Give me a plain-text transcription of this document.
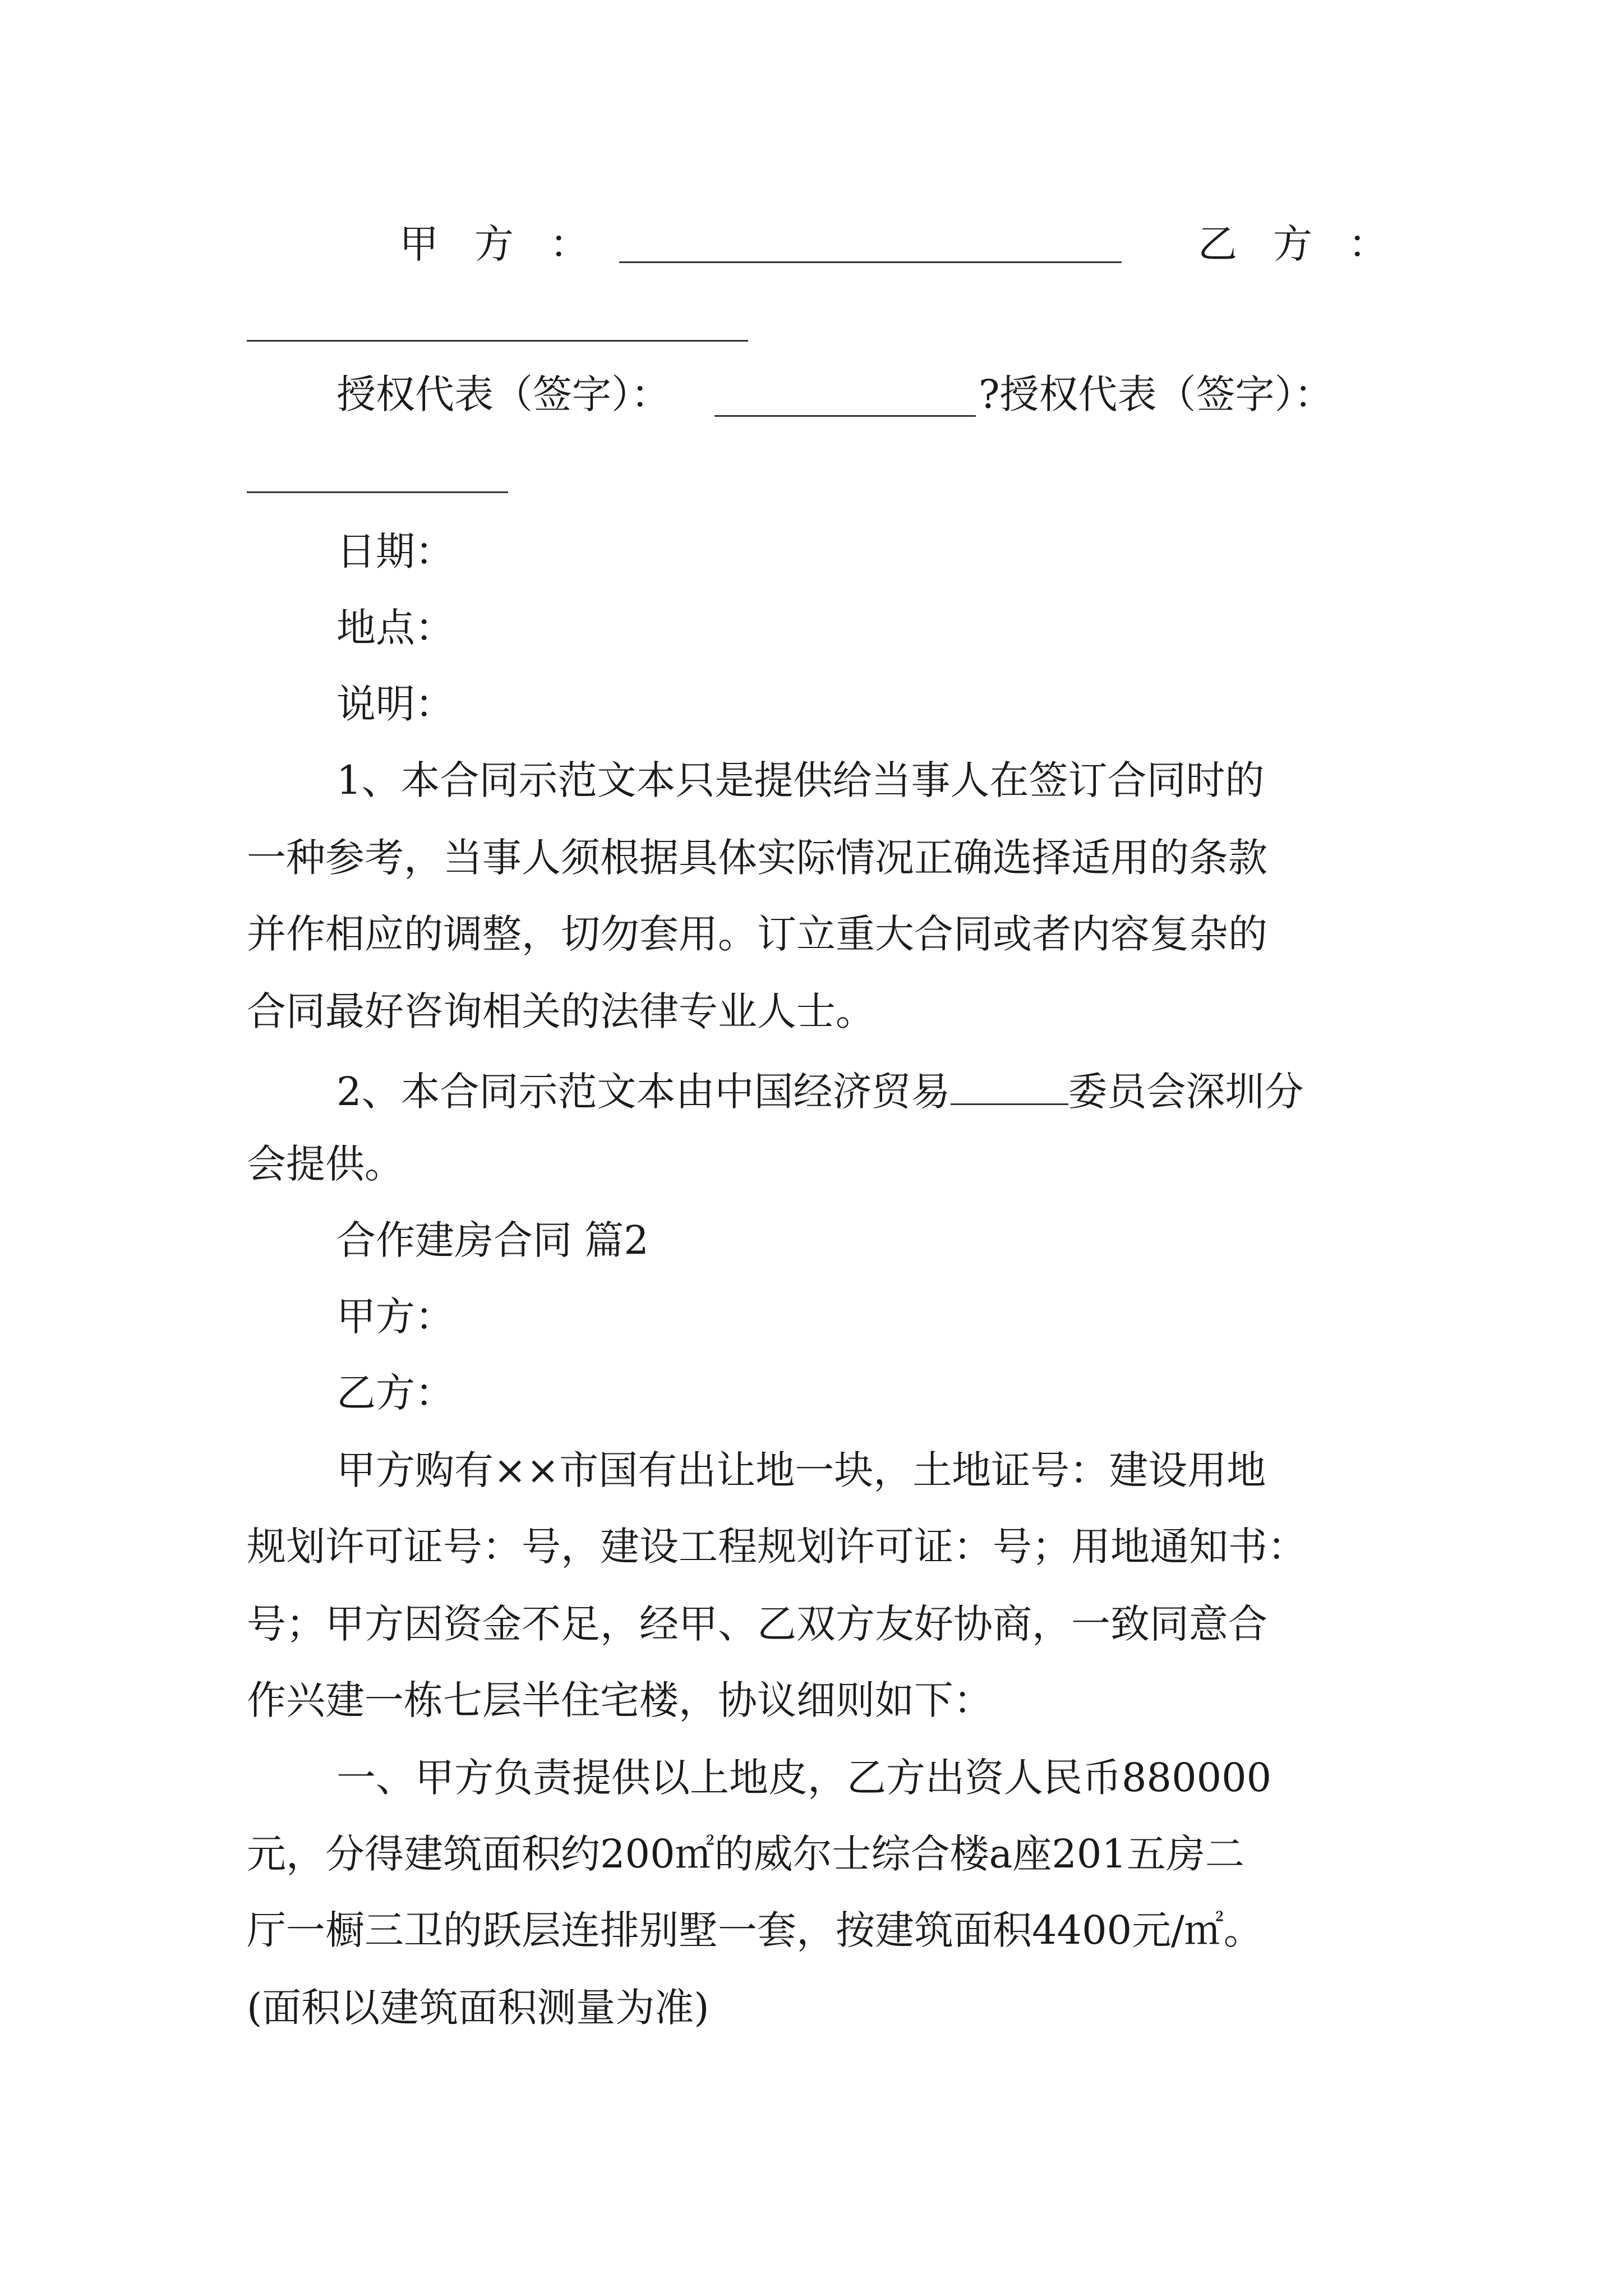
甲方：	乙方：
授权代表（签字）：	?授权代表（签字）：
日期：
地点：
说明：
1、本合同示范文本只是提供给当事人在签订合同时的
一种参考，当事人须根据具体实际情况正确选择适用的条款
并作相应的调整，切勿套用。订立重大合同或者内容复杂的
合同最好咨询相关的法律专业人士。
2、本合同示范文本由中国经济贸易	委员会深圳分
会提供。
合作建房合同 篇2
甲方：
乙方：
甲方购有××市国有出让地一块，土地证号：建设用地
规划许可证号：号，建设工程规划许可证：号；用地通知书：
号；甲方因资金不足，经甲、乙双方友好协商，一致同意合
作兴建一栋七层半住宅楼，协议细则如下：
一、甲方负责提供以上地皮，乙方出资人民币880000
元，分得建筑面积约200㎡的威尔士综合楼a座201五房二
厅一橱三卫的跃层连排别墅一套，按建筑面积4400元/㎡。
(面积以建筑面积测量为准)
